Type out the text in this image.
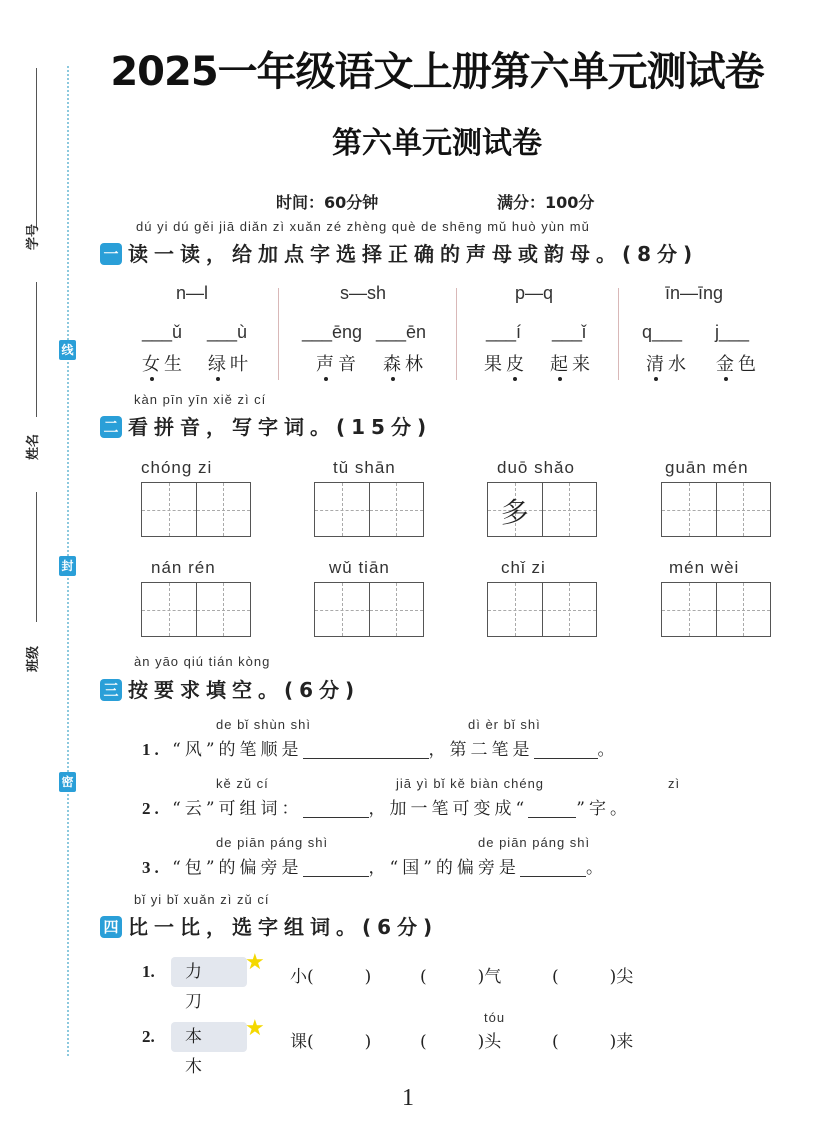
2025一年级语文上册第六单元测试卷
第六单元测试卷
时间：60分钟	满分：100分
学号
姓名
班级
线
封
密
dú yi dú gěi jiā diǎn zì xuǎn zé zhèng què de shēng mǔ huò yùn mǔ
一 读一读，给加点字选择正确的声母或韵母。(8分)
n—l	s—sh	p—q	īn—īng
___ǔ ___ù	___ēng ___ēn	___í ___ǐ	q___ j___
女生 绿叶	声音 森林	果皮 起来	清水 金色
kàn pīn yīn xiě zì cí
二 看拼音，写字词。(15分)
chóng zi	tǔ shān	duō shǎo	guān mén
多
nán rén	wǔ tiān	chǐ zi	mén wèi
àn yāo qiú tián kòng
三 按要求填空。(6分)
de bǐ shùn shì	dì èr bǐ shì
1. “风”的笔顺是	，第二笔是	。
kě zǔ cí	jiā yì bǐ kě biàn chéng	zì
2. “云”可组词：	，加一笔可变成“	”字。
de piān páng shì	de piān páng shì
3. “包”的偏旁是	，“国”的偏旁是	。
bǐ yi bǐ xuǎn zì zǔ cí
四 比一比，选字组词。(6分)
1.	力 刀
★
小(　　　)	(　　　)气	(　　　)尖
tóu
2.	本 木
★
课(　　　)	(　　　)头	(　　　)来
1
